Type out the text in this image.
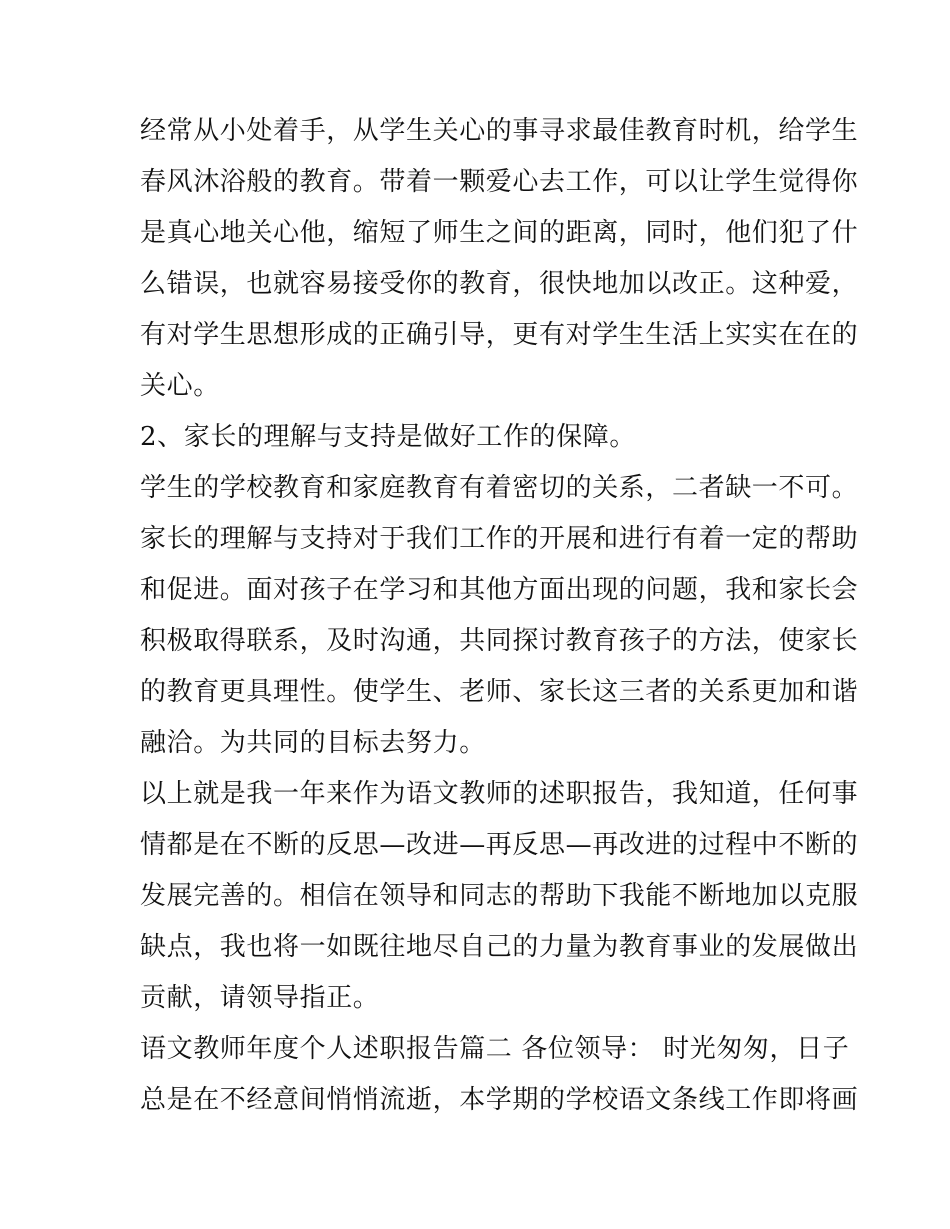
经常从小处着手，从学生关心的事寻求最佳教育时机，给学生

春风沐浴般的教育。带着一颗爱心去工作，可以让学生觉得你

是真心地关心他，缩短了师生之间的距离，同时，他们犯了什

么错误，也就容易接受你的教育，很快地加以改正。这种爱，

有对学生思想形成的正确引导，更有对学生生活上实实在在的

关心。

2、家长的理解与支持是做好工作的保障。

学生的学校教育和家庭教育有着密切的关系，二者缺一不可。

家长的理解与支持对于我们工作的开展和进行有着一定的帮助

和促进。面对孩子在学习和其他方面出现的问题，我和家长会

积极取得联系，及时沟通，共同探讨教育孩子的方法，使家长

的教育更具理性。使学生、老师、家长这三者的关系更加和谐

融洽。为共同的目标去努力。

以上就是我一年来作为语文教师的述职报告，我知道，任何事

情都是在不断的反思—改进—再反思—再改进的过程中不断的

发展完善的。相信在领导和同志的帮助下我能不断地加以克服

缺点，我也将一如既往地尽自己的力量为教育事业的发展做出

贡献，请领导指正。

语文教师年度个人述职报告篇二 各位领导： 时光匆匆，日子

总是在不经意间悄悄流逝，本学期的学校语文条线工作即将画
